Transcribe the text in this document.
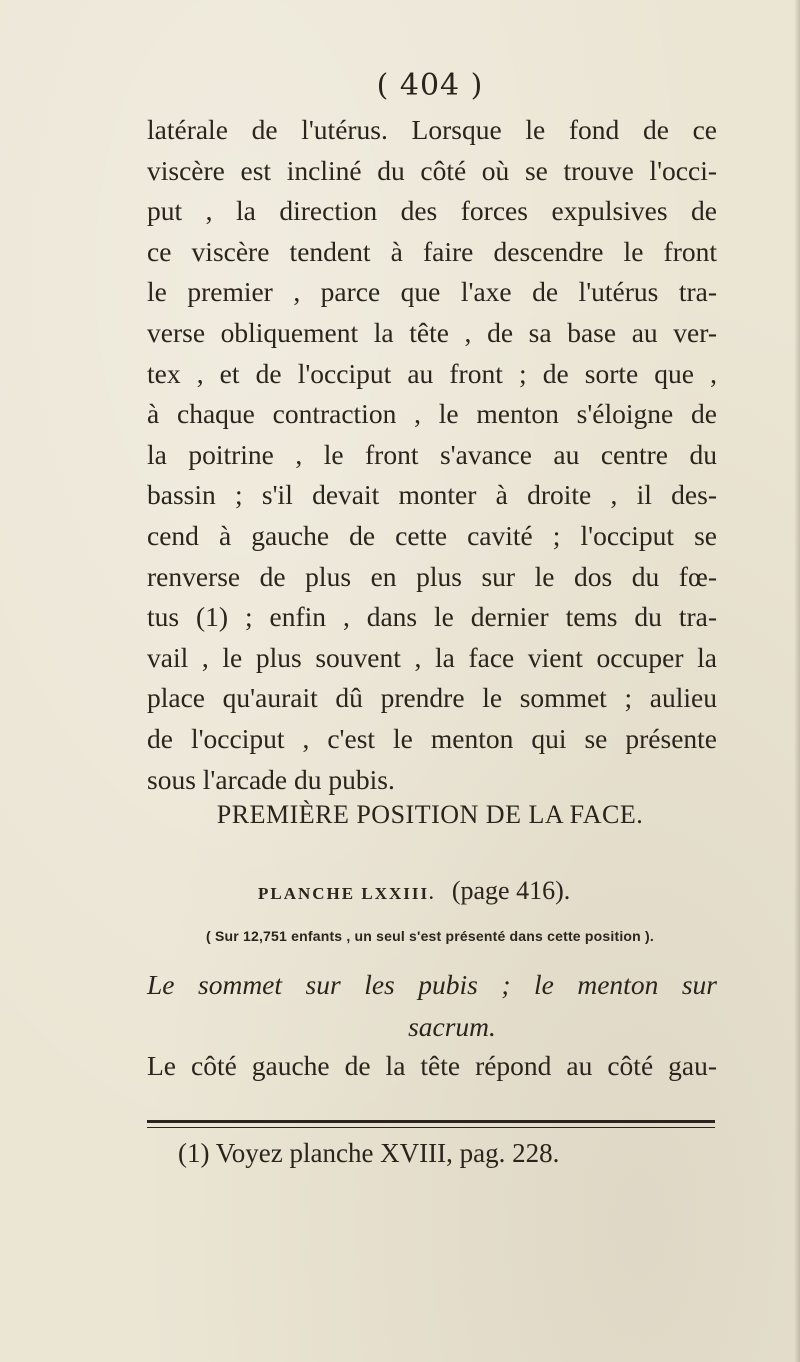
( 404 )
latérale de l'utérus. Lorsque le fond de ce
viscère est incliné du côté où se trouve l'occi-
put , la direction des forces expulsives de
ce viscère tendent à faire descendre le front
le premier , parce que l'axe de l'utérus tra-
verse obliquement la tête , de sa base au ver-
tex , et de l'occiput au front ; de sorte que ,
à chaque contraction , le menton s'éloigne de
la poitrine , le front s'avance au centre du
bassin ; s'il devait monter à droite , il des-
cend à gauche de cette cavité ; l'occiput se
renverse de plus en plus sur le dos du fœ-
tus (1) ; enfin , dans le dernier tems du tra-
vail , le plus souvent , la face vient occuper la
place qu'aurait dû prendre le sommet ; aulieu
de l'occiput , c'est le menton qui se présente
sous l'arcade du pubis.
PREMIÈRE POSITION DE LA FACE.
PLANCHE LXXIII. (page 416).
( Sur 12,751 enfants , un seul s'est présenté dans cette position ).
Le sommet sur les pubis ; le menton sur
sacrum.
Le côté gauche de la tête répond au côté gau-
(1) Voyez planche XVIII, pag. 228.
